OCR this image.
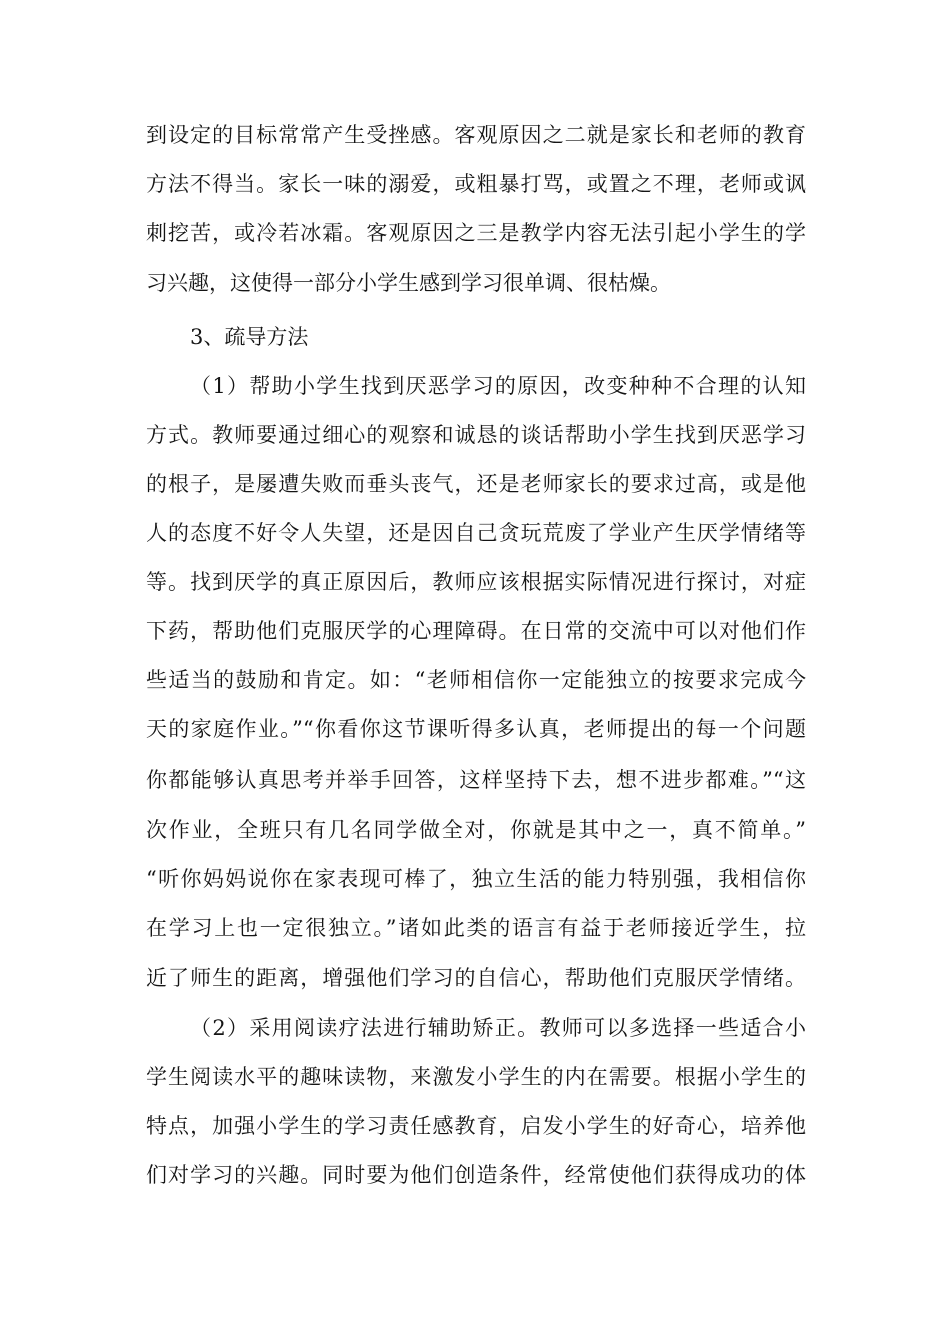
到设定的目标常常产生受挫感。客观原因之二就是家长和老师的教育
方法不得当。家长一味的溺爱，或粗暴打骂，或置之不理，老师或讽
刺挖苦，或冷若冰霜。客观原因之三是教学内容无法引起小学生的学
习兴趣，这使得一部分小学生感到学习很单调、很枯燥。
3、疏导方法
（1）帮助小学生找到厌恶学习的原因，改变种种不合理的认知
方式。教师要通过细心的观察和诚恳的谈话帮助小学生找到厌恶学习
的根子，是屡遭失败而垂头丧气，还是老师家长的要求过高，或是他
人的态度不好令人失望，还是因自己贪玩荒废了学业产生厌学情绪等
等。找到厌学的真正原因后，教师应该根据实际情况进行探讨，对症
下药，帮助他们克服厌学的心理障碍。在日常的交流中可以对他们作
些适当的鼓励和肯定。如：“老师相信你一定能独立的按要求完成今
天的家庭作业。”“你看你这节课听得多认真，老师提出的每一个问题
你都能够认真思考并举手回答，这样坚持下去，想不进步都难。”“这
次作业，全班只有几名同学做全对，你就是其中之一，真不简单。”
“听你妈妈说你在家表现可棒了，独立生活的能力特别强，我相信你
在学习上也一定很独立。”诸如此类的语言有益于老师接近学生，拉
近了师生的距离，增强他们学习的自信心，帮助他们克服厌学情绪。
（2）采用阅读疗法进行辅助矫正。教师可以多选择一些适合小
学生阅读水平的趣味读物，来激发小学生的内在需要。根据小学生的
特点，加强小学生的学习责任感教育，启发小学生的好奇心，培养他
们对学习的兴趣。同时要为他们创造条件，经常使他们获得成功的体
